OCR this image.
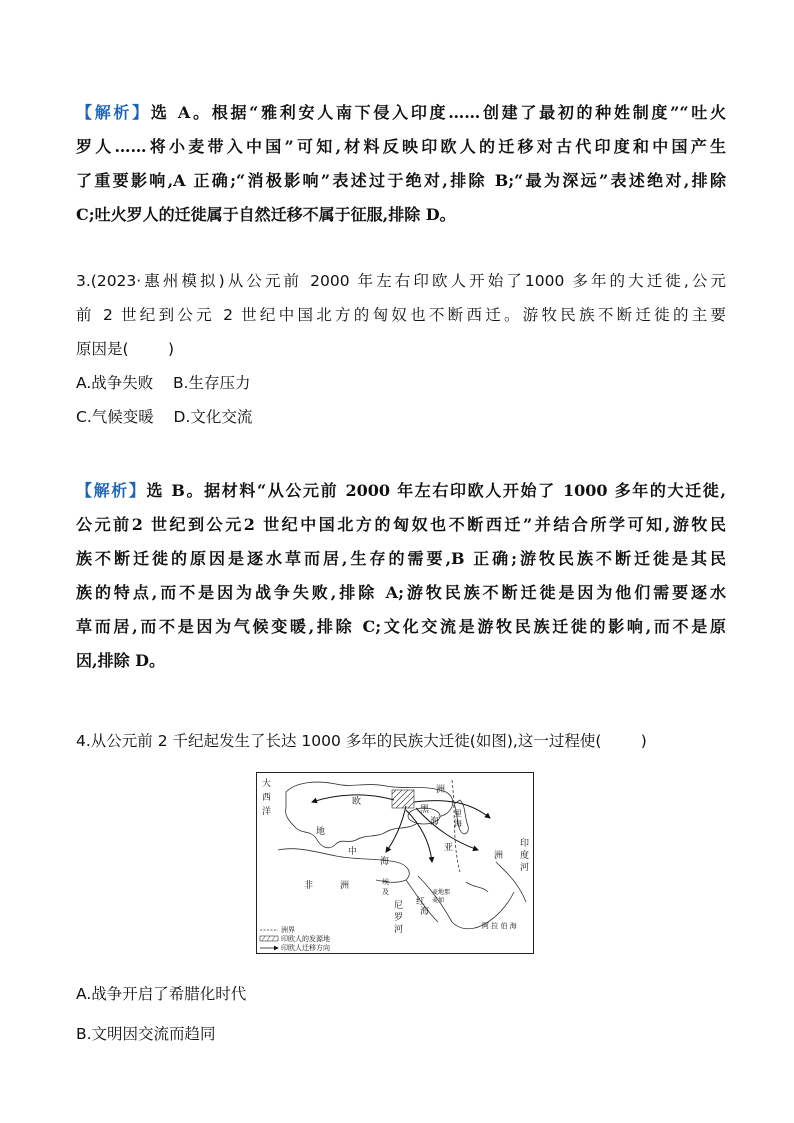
【解析】选 A。根据“雅利安人南下侵入印度……创建了最初的种姓制度”“吐火
罗人……将小麦带入中国”可知,材料反映印欧人的迁移对古代印度和中国产生
了重要影响,A 正确;“消极影响”表述过于绝对,排除 B;“最为深远”表述绝对,排除
C;吐火罗人的迁徙属于自然迁移不属于征服,排除 D。
3.(2023·惠州模拟)从公元前 2000 年左右印欧人开始了1000 多年的大迁徙,公元
前 2 世纪到公元 2 世纪中国北方的匈奴也不断西迁。游牧民族不断迁徙的主要
原因是(        )
A.战争失败    B.生存压力
C.气候变暖    D.文化交流
【解析】选 B。据材料“从公元前 2000 年左右印欧人开始了 1000 多年的大迁徙,
公元前2 世纪到公元2 世纪中国北方的匈奴也不断西迁”并结合所学可知,游牧民
族不断迁徙的原因是逐水草而居,生存的需要,B 正确;游牧民族不断迁徙是其民
族的特点,而不是因为战争失败,排除 A;游牧民族不断迁徙是因为他们需要逐水
草而居,而不是因为气候变暖,排除 C;文化交流是游牧民族迁徙的影响,而不是原
因,排除 D。
4.从公元前 2 千纪起发生了长达 1000 多年的民族大迁徙(如图),这一过程使(        )
大
西
洋
欧
洲
黑
海
地
中
海
亚
洲
印
度
河
非	洲	埃
及
尼
罗
河
红
海
阿 拉 伯 海
麦地那
麦加
里
海
洲界
印欧人的发源地
印欧人迁移方向
A.战争开启了希腊化时代
B.文明因交流而趋同
